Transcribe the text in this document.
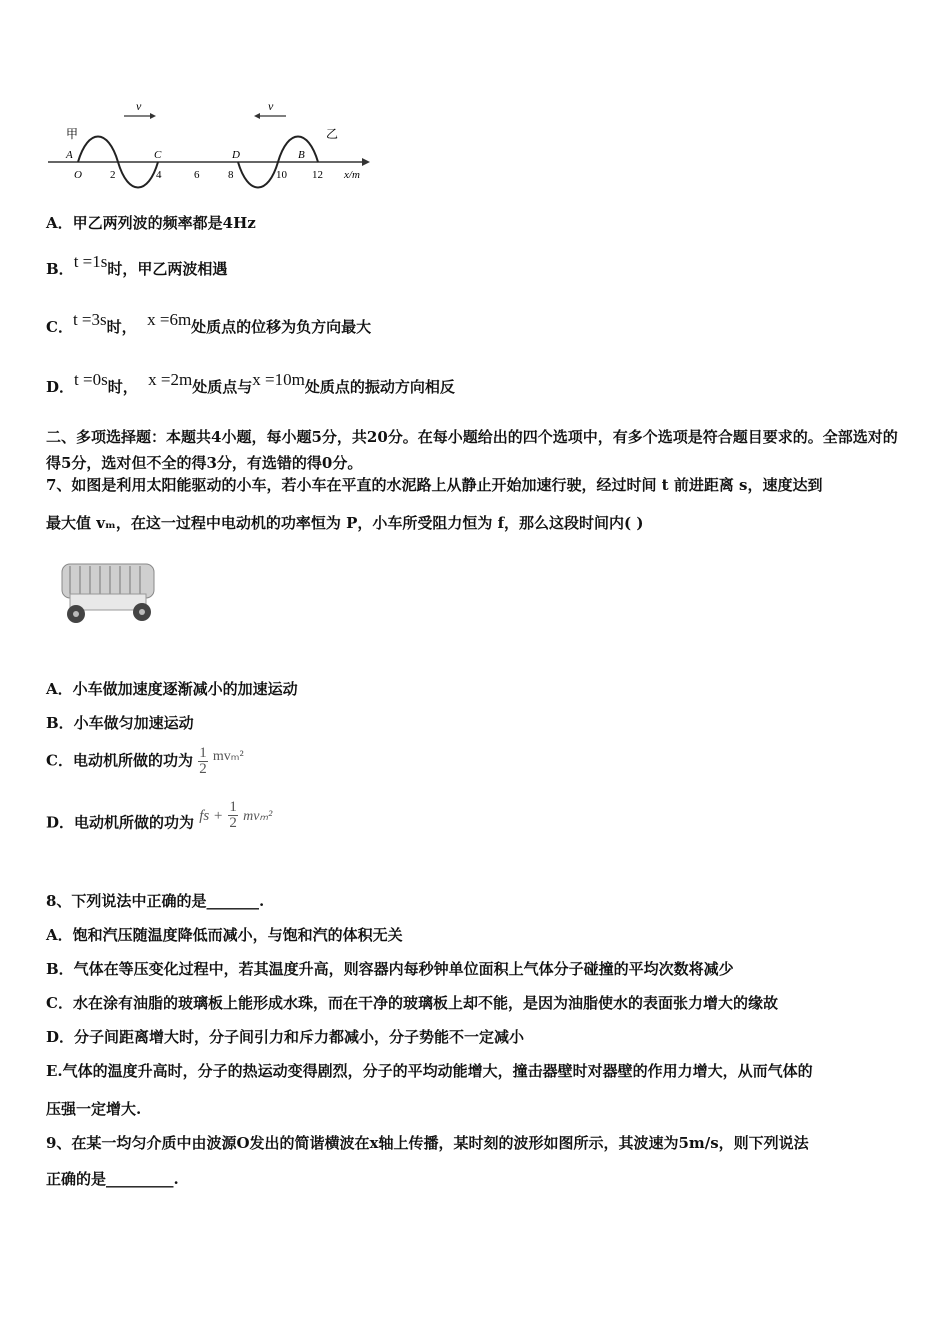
v	v
甲	乙
A	C	D	B
O	2	4	6	8	10 12 x/m
A．甲乙两列波的频率都是4Hz
B．t =1s时，甲乙两波相遇
C．t =3s时， x =6m处质点的位移为负方向最大
D．t =0s时， x =2m处质点与x =10m处质点的振动方向相反
二、多项选择题：本题共4小题，每小题5分，共20分。在每小题给出的四个选项中，有多个选项是符合题目要求的。全部选对的得5分，选对但不全的得3分，有选错的得0分。
7、如图是利用太阳能驱动的小车，若小车在平直的水泥路上从静止开始加速行驶，经过时间 t 前进距离 s，速度达到
最大值 vₘ，在这一过程中电动机的功率恒为 P，小车所受阻力恒为 f，那么这段时间内( )
A．小车做加速度逐渐减小的加速运动
B．小车做匀加速运动
C．电动机所做的功为 $\frac{1}{2} mv_m^2$
D．电动机所做的功为 fs + $\frac{1}{2} mv_m^2$
8、下列说法中正确的是_______.
A．饱和汽压随温度降低而减小，与饱和汽的体积无关
B．气体在等压变化过程中，若其温度升高，则容器内每秒钟单位面积上气体分子碰撞的平均次数将减少
C．水在涂有油脂的玻璃板上能形成水珠，而在干净的玻璃板上却不能，是因为油脂使水的表面张力增大的缘故
D．分子间距离增大时，分子间引力和斥力都减小，分子势能不一定减小
E.气体的温度升高时，分子的热运动变得剧烈，分子的平均动能增大，撞击器壁时对器壁的作用力增大，从而气体的
压强一定增大.
9、在某一均匀介质中由波源O发出的简谐横波在x轴上传播，某时刻的波形如图所示，其波速为5m/s，则下列说法
正确的是_________.
